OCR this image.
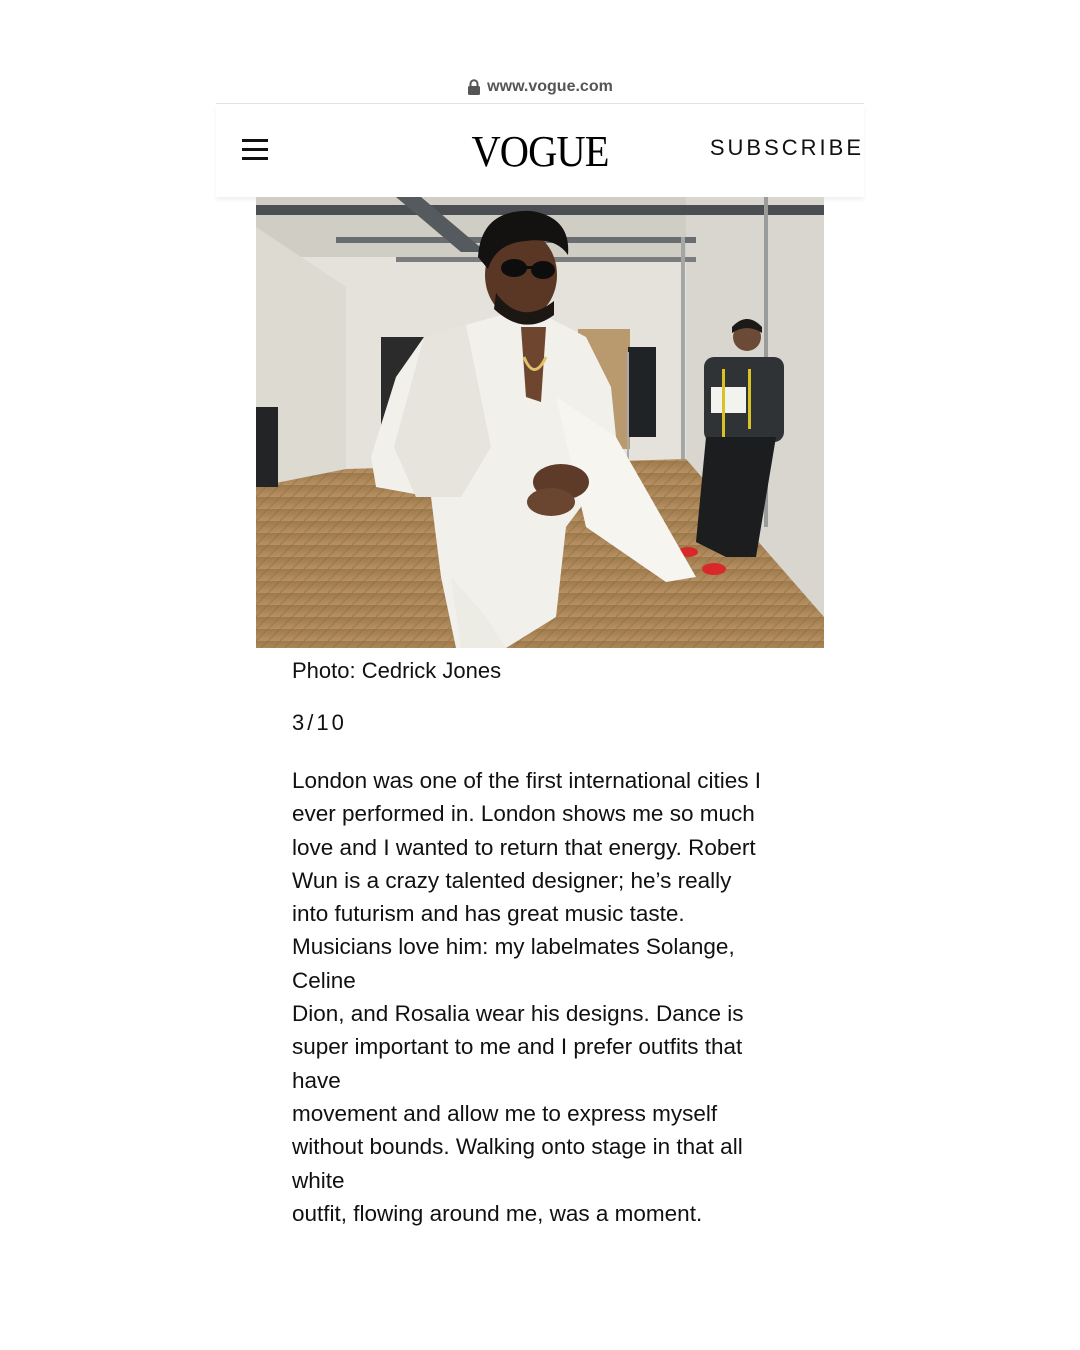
www.vogue.com
VOGUE	SUBSCRIBE
Photo: Cedrick Jones
3/10

London was one of the first international cities I
ever performed in. London shows me so much
love and I wanted to return that energy. Robert
Wun is a crazy talented designer; he’s really
into futurism and has great music taste.
Musicians love him: my labelmates Solange,
Celine
Dion, and Rosalia wear his designs. Dance is
super important to me and I prefer outfits that
have
movement and allow me to express myself
without bounds. Walking onto stage in that all
white
outfit, flowing around me, was a moment.
